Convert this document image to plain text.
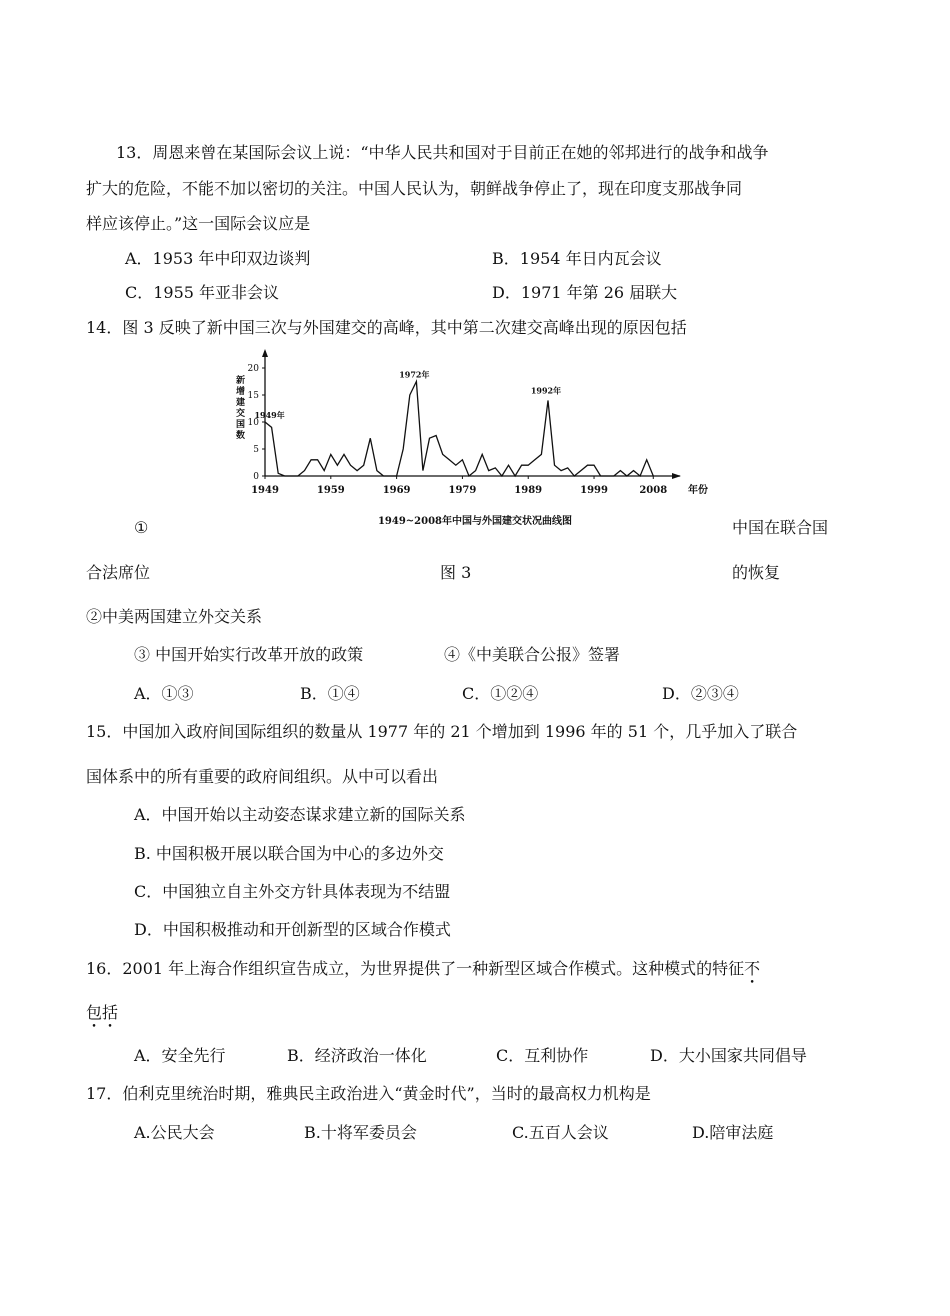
13．周恩来曾在某国际会议上说：“中华人民共和国对于目前正在她的邻邦进行的战争和战争
扩大的危险，不能不加以密切的关注。中国人民认为，朝鲜战争停止了，现在印度支那战争同
样应该停止。”这一国际会议应是
A．1953 年中印双边谈判	B．1954 年日内瓦会议
C．1955 年亚非会议	D．1971 年第 26 届联大
14．图 3 反映了新中国三次与外国建交的高峰，其中第二次建交高峰出现的原因包括
0
5
10
15
20
1949	1959	1969	1979	1989	1999	2008
1949年
1972年
1992年
新增建交国数
年份
1949~2008年中国与外国建交状况曲线图
①	中国在联合国
合法席位	图 3	的恢复
②中美两国建立外交关系
③ 中国开始实行改革开放的政策	④《中美联合公报》签署
A．①③	B．①④	C．①②④	D．②③④
15．中国加入政府间国际组织的数量从 1977 年的 21 个增加到 1996 年的 51 个，几乎加入了联合
国体系中的所有重要的政府间组织。从中可以看出
A．中国开始以主动姿态谋求建立新的国际关系
B. 中国积极开展以联合国为中心的多边外交
C．中国独立自主外交方针具体表现为不结盟
D．中国积极推动和开创新型的区域合作模式
16．2001 年上海合作组织宣告成立，为世界提供了一种新型区域合作模式。这种模式的特征不
包括
A．安全先行	B．经济政治一体化	C．互利协作	D．大小国家共同倡导
17．伯利克里统治时期，雅典民主政治进入“黄金时代”，当时的最高权力机构是
A.公民大会	B.十将军委员会	C.五百人会议	D.陪审法庭
